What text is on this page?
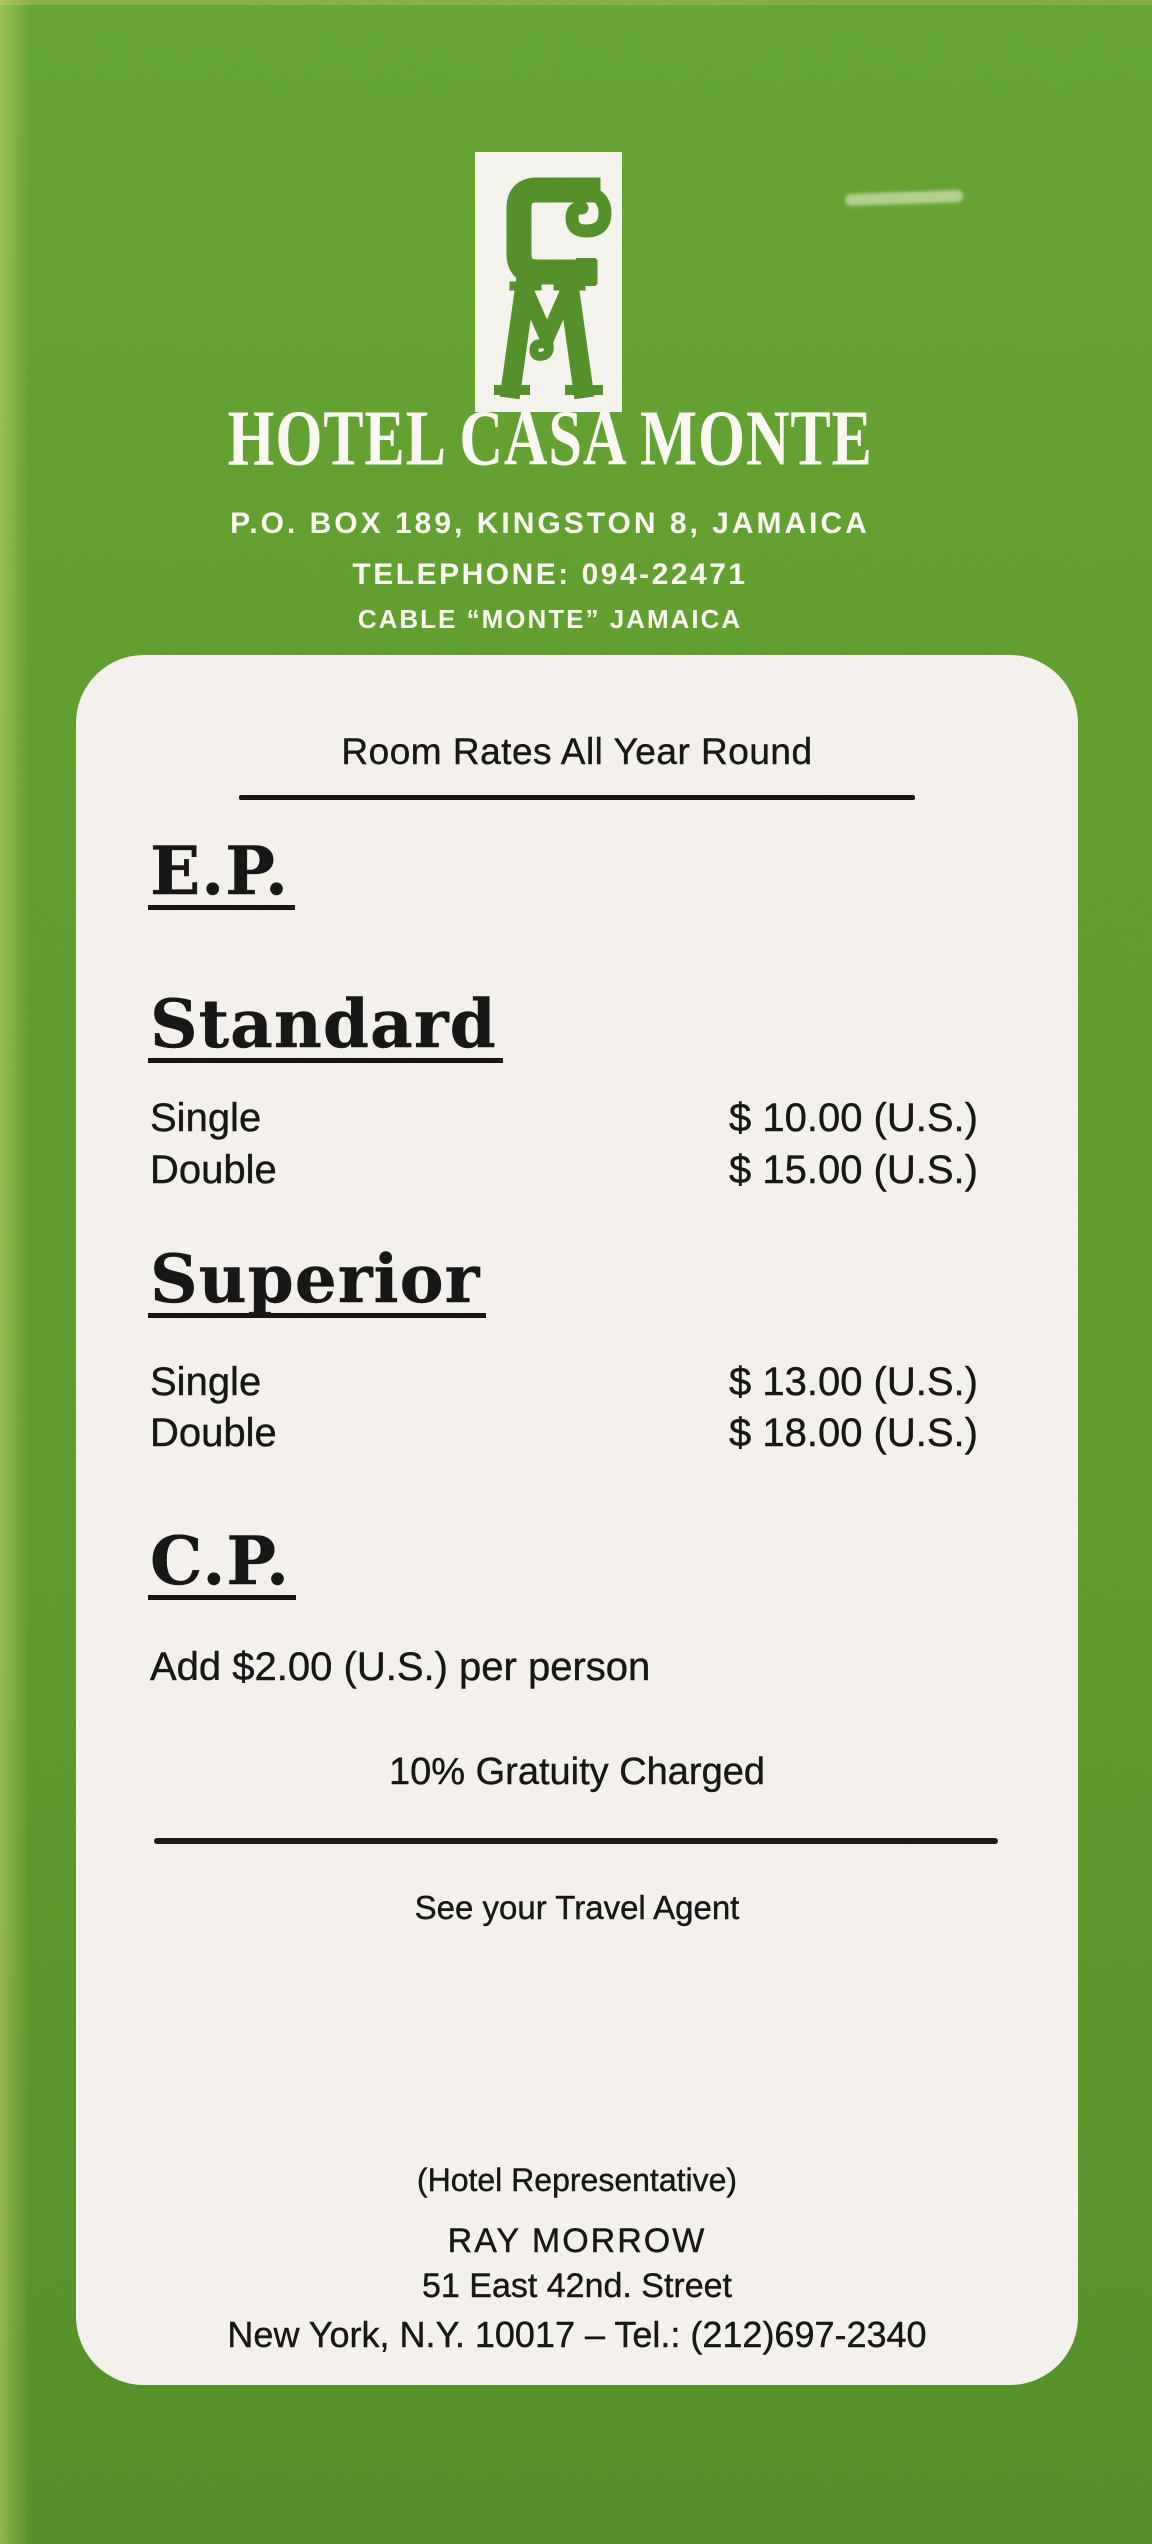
HOTEL CASA MONTE
P.O. BOX 189, KINGSTON 8, JAMAICA
TELEPHONE: 094-22471
CABLE “MONTE” JAMAICA
Room Rates All Year Round
E.P.
Standard
Single	$ 10.00 (U.S.)
Double	$ 15.00 (U.S.)
Superior
Single	$ 13.00 (U.S.)
Double	$ 18.00 (U.S.)
C.P.
Add $2.00 (U.S.) per person
10% Gratuity Charged
See your Travel Agent
(Hotel Representative)
RAY MORROW
51 East 42nd. Street
New York, N.Y. 10017 – Tel.: (212)697-2340
